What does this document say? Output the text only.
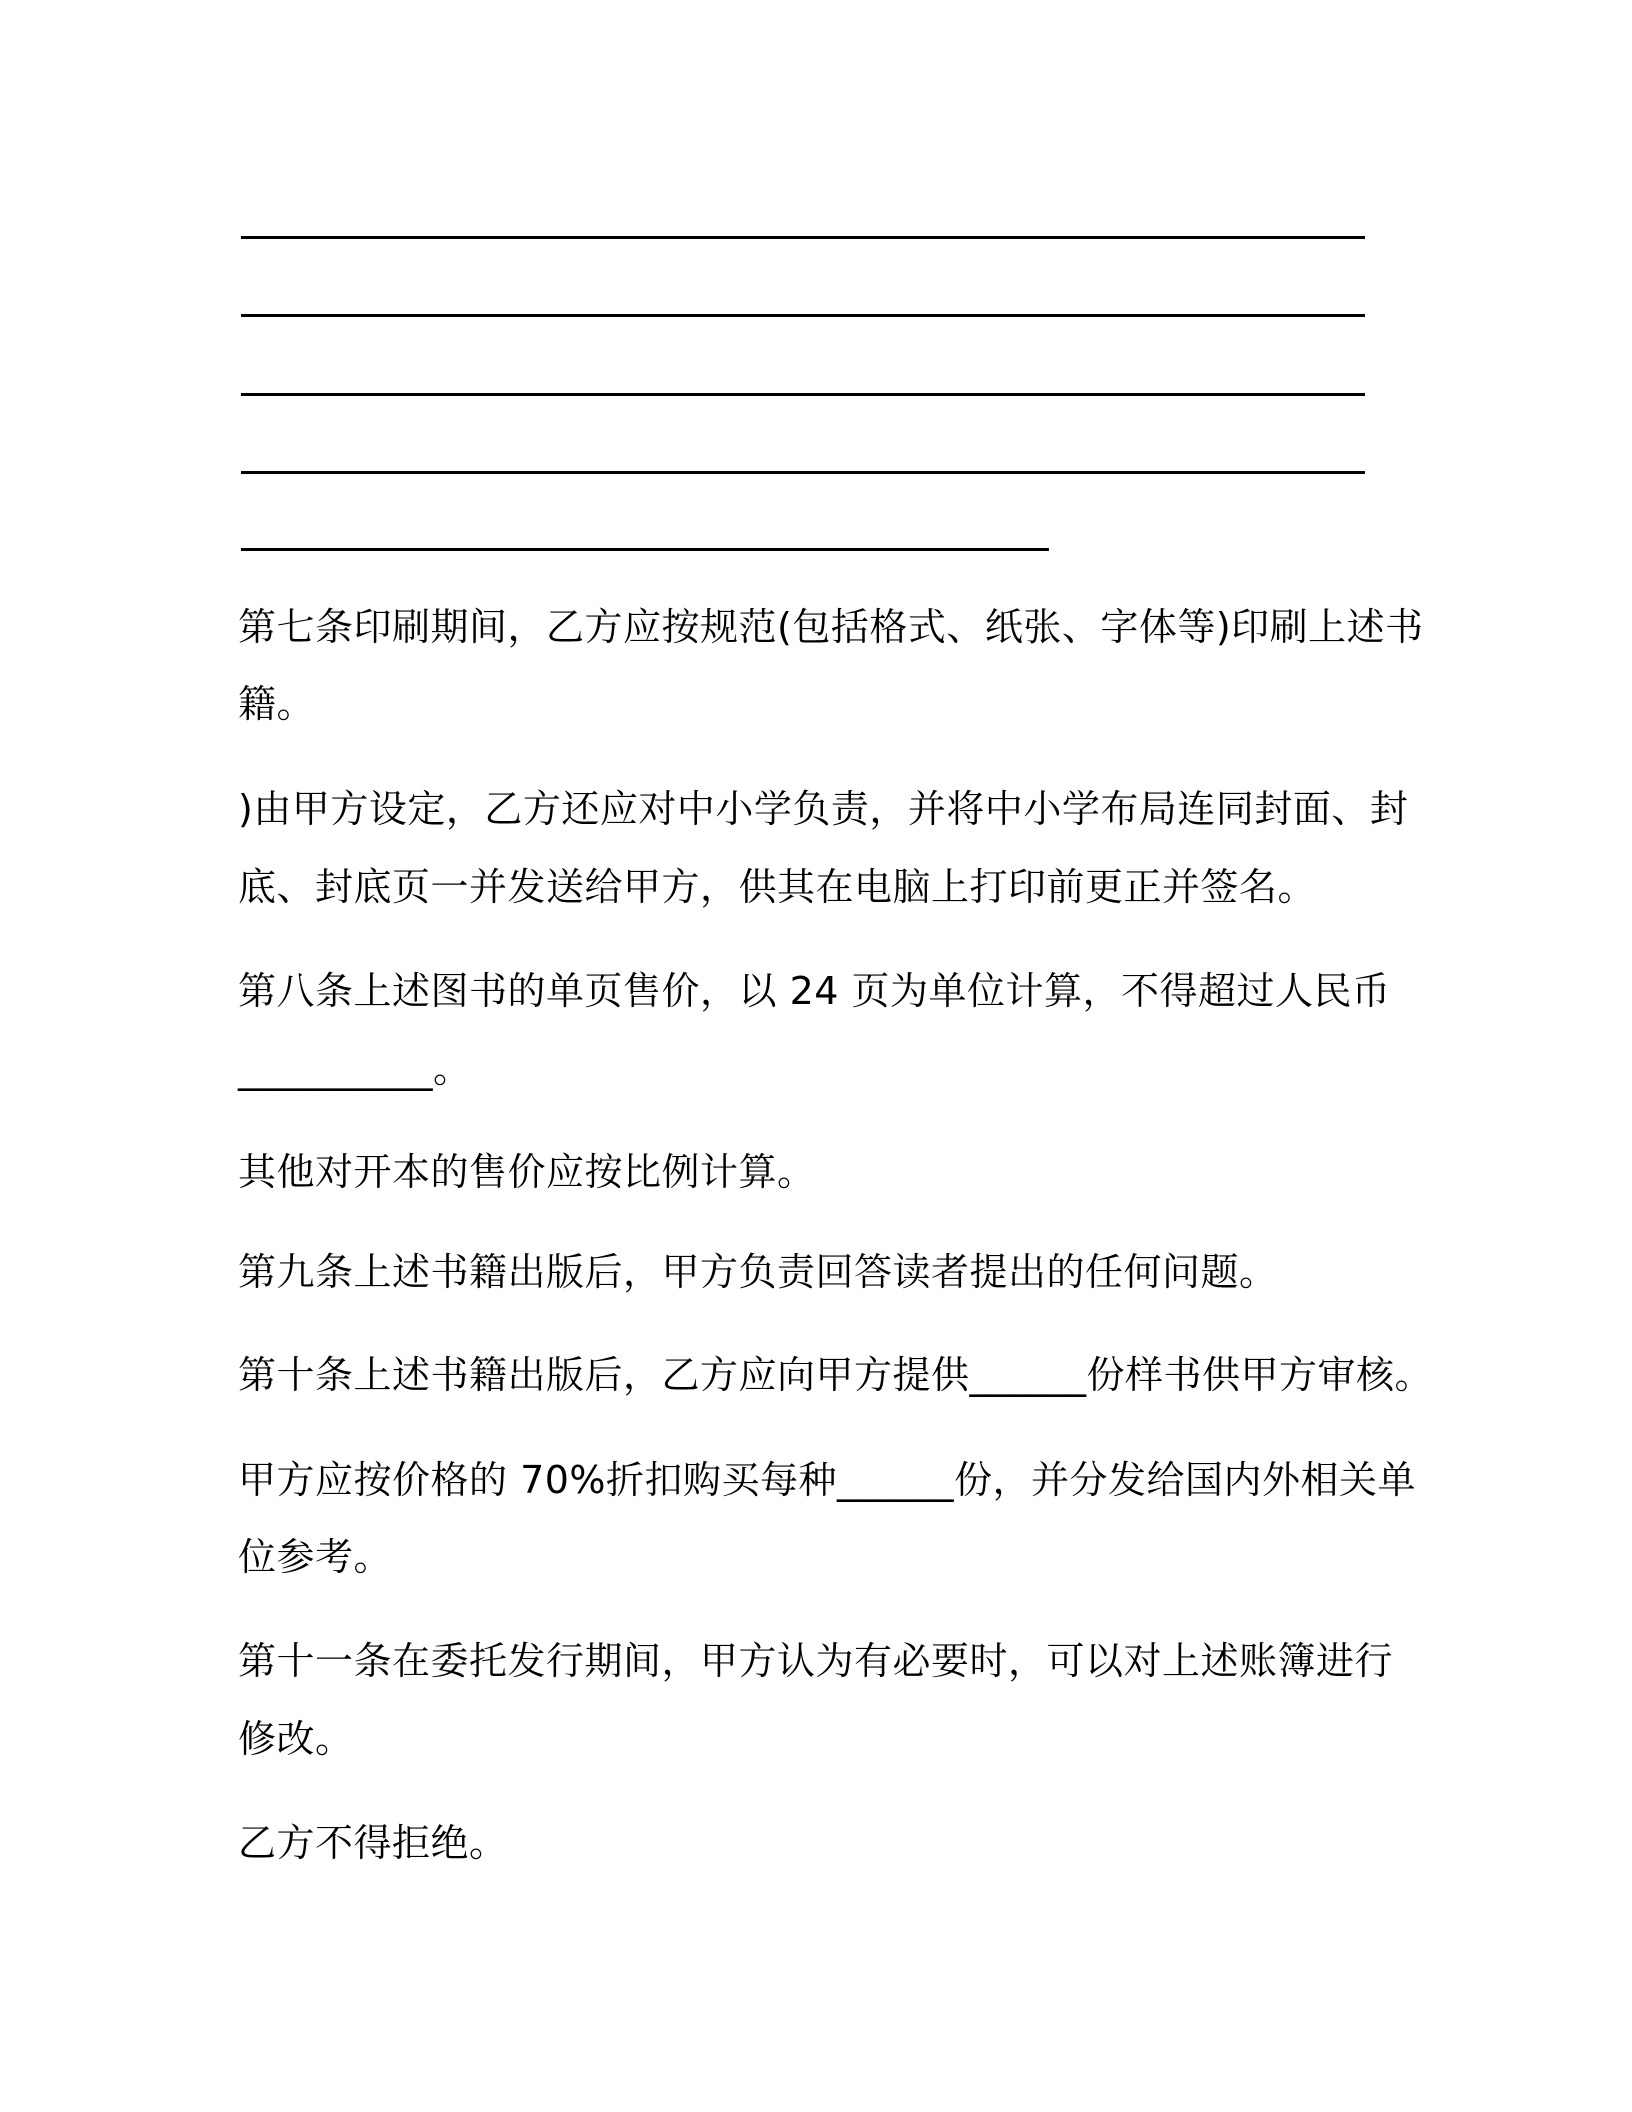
第七条印刷期间，乙方应按规范(包括格式、纸张、字体等)印刷上述书
籍。
)由甲方设定，乙方还应对中小学负责，并将中小学布局连同封面、封
底、封底页一并发送给甲方，供其在电脑上打印前更正并签名。
第八条上述图书的单页售价，以 24 页为单位计算，不得超过人民币
__________。
其他对开本的售价应按比例计算。
第九条上述书籍出版后，甲方负责回答读者提出的任何问题。
第十条上述书籍出版后，乙方应向甲方提供______份样书供甲方审核。
甲方应按价格的 70%折扣购买每种______份，并分发给国内外相关单
位参考。
第十一条在委托发行期间，甲方认为有必要时，可以对上述账簿进行
修改。
乙方不得拒绝。
